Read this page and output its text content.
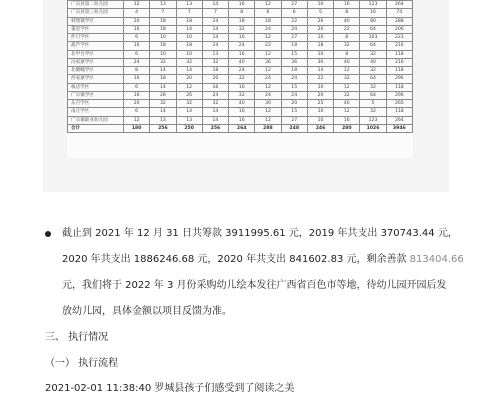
广宗县第二幼儿园	12	13	13	14	16	12	27	10	16	123	264
广宗县第三幼儿园	4	7	7	7	8	6	6	5	8	16	74
韩堡镇学区	20	18	18	24	18	18	22	26	40	80	288
董里学区	16	18	14	14	32	24	24	20	22	64	206
件只学区	6	10	10	14	16	12	27	10	8	103	223
葫芦学区	16	18	18	24	24	22	18	18	32	64	216
北甲台学区	6	10	10	13	16	12	15	10	8	32	118
冯家寨学区	24	32	32	32	40	36	36	30	40	40	216
北塘疃学区	8	14	14	18	24	12	18	14	12	32	118
西家寨学区	16	18	20	20	32	24	24	22	32	64	296
核店学区	6	14	12	16	16	12	15	10	12	32	118
广宗镇学区	16	28	26	24	32	24	24	20	32	64	296
东召学区	20	32	32	32	40	30	20	25	40	5	265
南庄学区	6	14	14	14	16	12	15	10	12	32	118
广宗镇职业幼儿园	12	13	13	14	16	12	27	10	16	123	264
合计	180	256	250	256	264	288	248	246	280	1026	3946
截止到 2021 年 12 月 31 日共筹款 3911995.61 元，2019 年共支出 370743.44 元，
2020 年共支出 1886246.68 元，2020 年共支出 841602.83 元，剩余善款 813404.66
元，我们将于 2022 年 3 月份采购幼儿绘本发往广西省百色市等地，待幼儿园开园后发
放幼儿园，具体金额以项目反馈为准。
三、 执行情况
（一） 执行流程
2021-02-01 11:38:40 罗城县孩子们感受到了阅读之美
